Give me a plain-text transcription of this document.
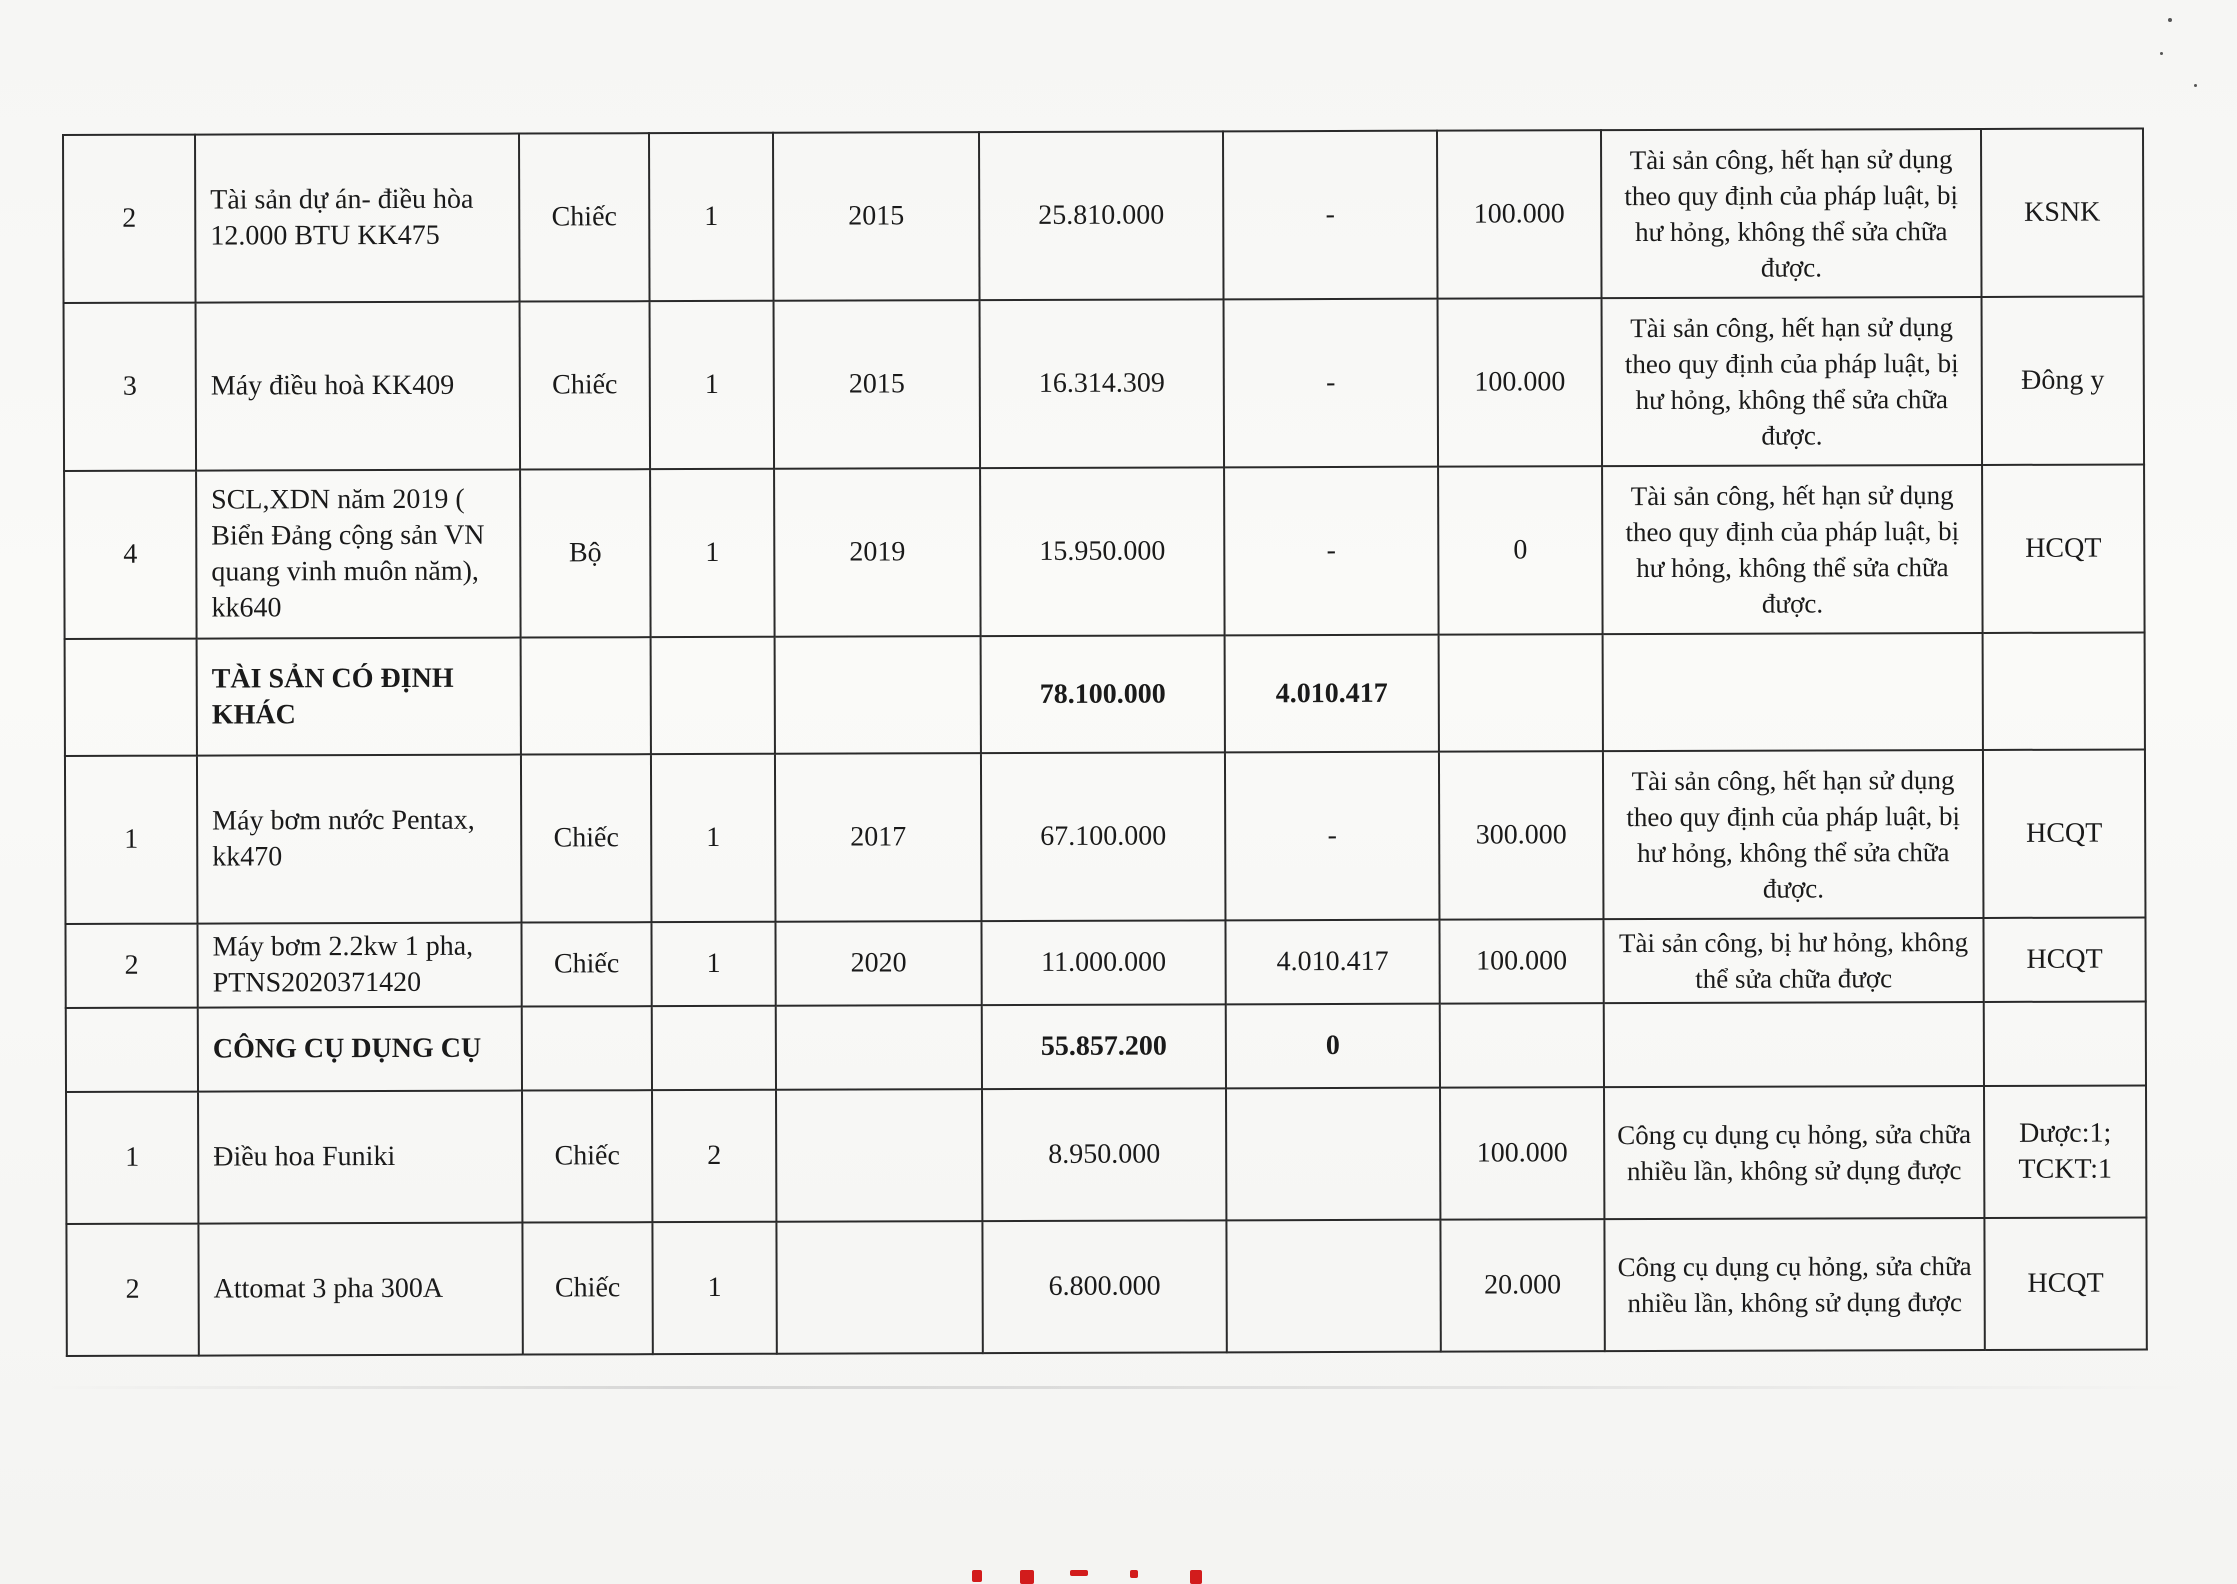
2	Tài sản dự án- điều hòa 12.000 BTU KK475	Chiếc	1	2015	25.810.000	-	100.000	Tài sản công, hết hạn sử dụng theo quy định của pháp luật, bị hư hỏng, không thể sửa chữa được.	KSNK
3	Máy điều hoà KK409	Chiếc	1	2015	16.314.309	-	100.000	Tài sản công, hết hạn sử dụng theo quy định của pháp luật, bị hư hỏng, không thể sửa chữa được.	Đông y
4	SCL,XDN năm 2019 ( Biển Đảng cộng sản VN quang vinh muôn năm), kk640	Bộ	1	2019	15.950.000	-	0	Tài sản công, hết hạn sử dụng theo quy định của pháp luật, bị hư hỏng, không thể sửa chữa được.	HCQT
	TÀI SẢN CÓ ĐỊNH KHÁC				78.100.000	4.010.417			
1	Máy bơm nước Pentax, kk470	Chiếc	1	2017	67.100.000	-	300.000	Tài sản công, hết hạn sử dụng theo quy định của pháp luật, bị hư hỏng, không thể sửa chữa được.	HCQT
2	Máy bơm 2.2kw 1 pha, PTNS2020371420	Chiếc	1	2020	11.000.000	4.010.417	100.000	Tài sản công, bị hư hỏng, không thể sửa chữa được	HCQT
	CÔNG CỤ DỤNG CỤ				55.857.200	0			
1	Điều hoa Funiki	Chiếc	2		8.950.000		100.000	Công cụ dụng cụ hỏng, sửa chữa nhiều lần, không sử dụng được	Dược:1; TCKT:1
2	Attomat 3 pha 300A	Chiếc	1		6.800.000		20.000	Công cụ dụng cụ hỏng, sửa chữa nhiều lần, không sử dụng được	HCQT
